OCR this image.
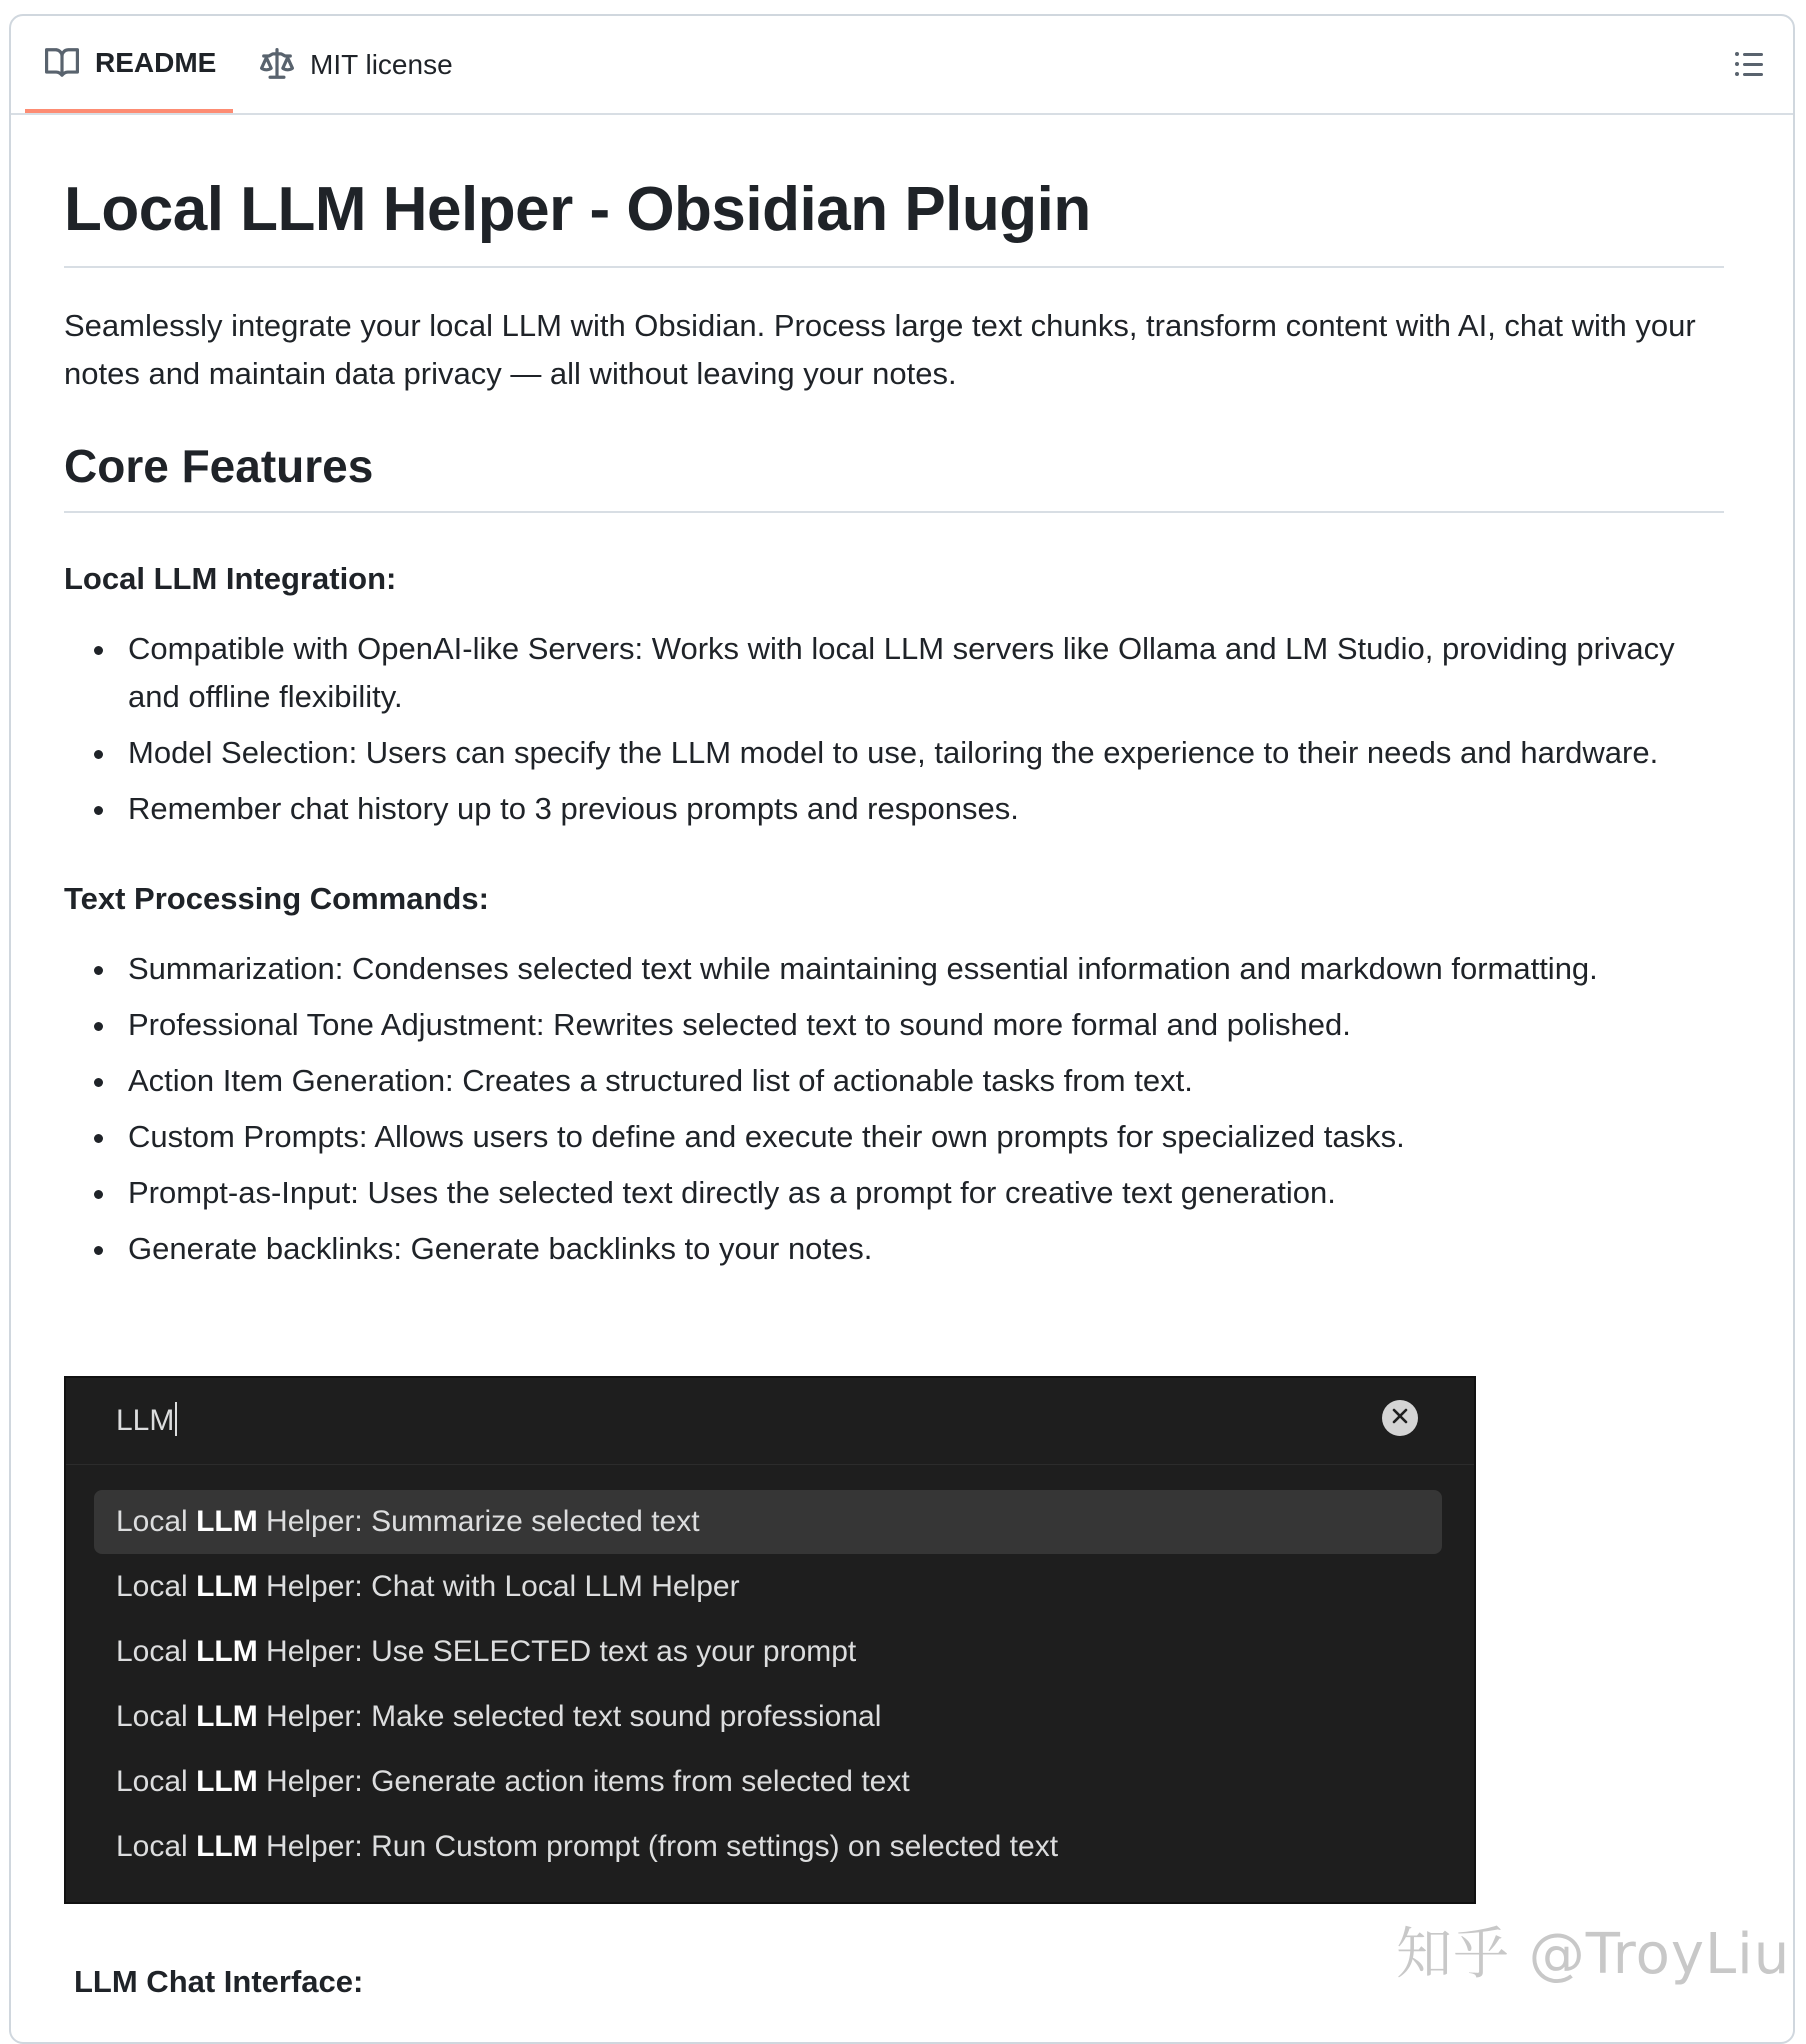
README	MIT license
Local LLM Helper - Obsidian Plugin

Seamlessly integrate your local LLM with Obsidian. Process large text chunks, transform content with AI, chat with your notes and maintain data privacy — all without leaving your notes.

Core Features
Local LLM Integration:
Compatible with OpenAI-like Servers: Works with local LLM servers like Ollama and LM Studio, providing privacy and offline flexibility.
Model Selection: Users can specify the LLM model to use, tailoring the experience to their needs and hardware.
Remember chat history up to 3 previous prompts and responses.
Text Processing Commands:
Summarization: Condenses selected text while maintaining essential information and markdown formatting.
Professional Tone Adjustment: Rewrites selected text to sound more formal and polished.
Action Item Generation: Creates a structured list of actionable tasks from text.
Custom Prompts: Allows users to define and execute their own prompts for specialized tasks.
Prompt-as-Input: Uses the selected text directly as a prompt for creative text generation.
Generate backlinks: Generate backlinks to your notes.
LLM
Local LLM Helper: Summarize selected text
Local LLM Helper: Chat with Local LLM Helper
Local LLM Helper: Use SELECTED text as your prompt
Local LLM Helper: Make selected text sound professional
Local LLM Helper: Generate action items from selected text
Local LLM Helper: Run Custom prompt (from settings) on selected text
LLM Chat Interface:	知乎 @TroyLiu
